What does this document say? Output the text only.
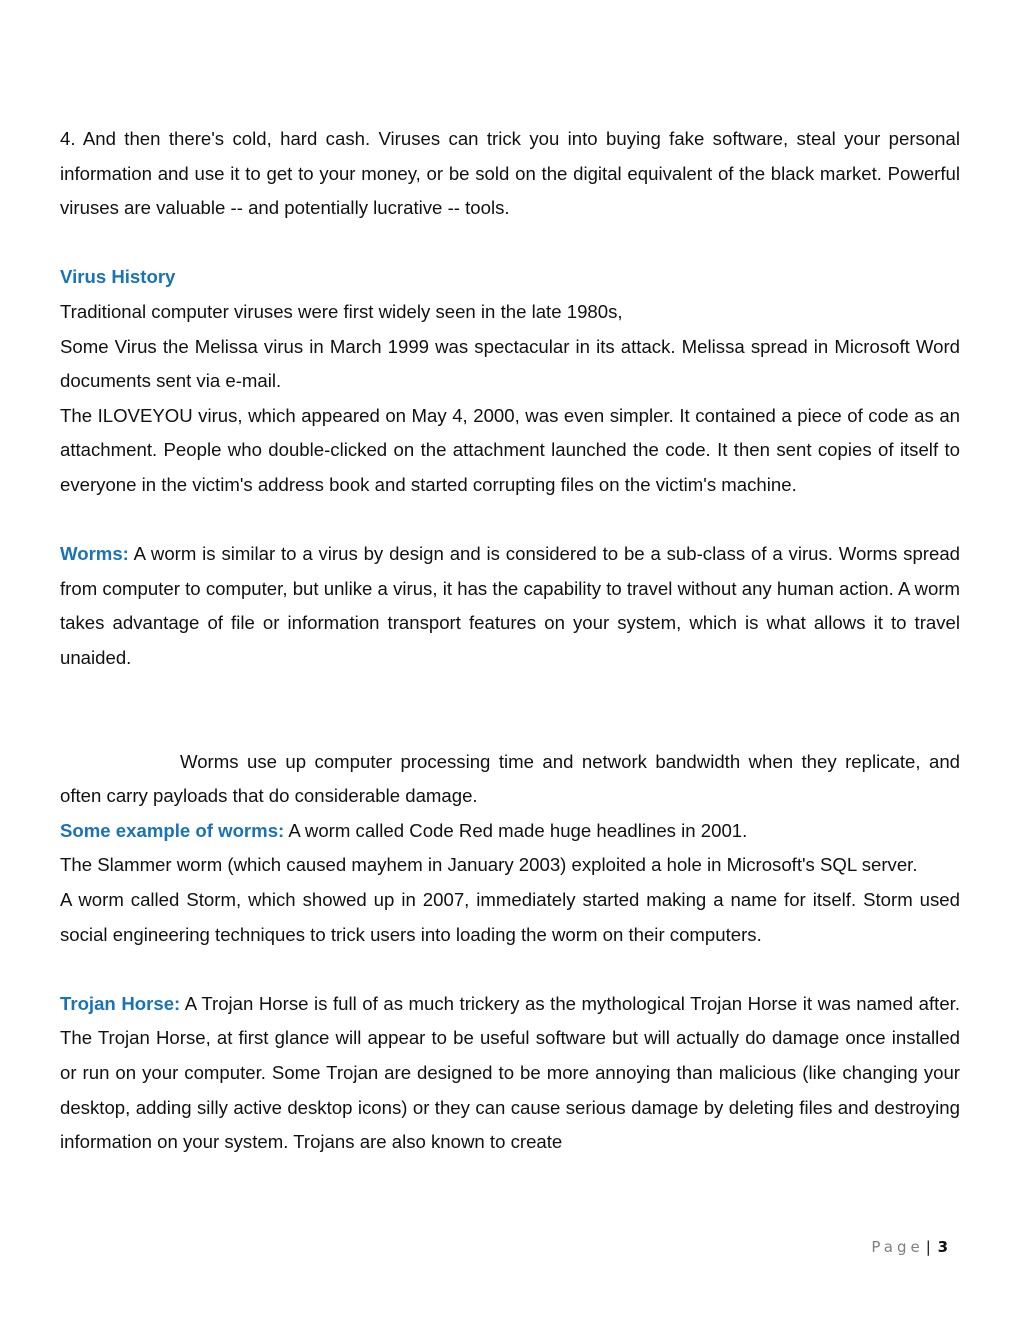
4. And then there's cold, hard cash. Viruses can trick you into buying fake software, steal your personal information and use it to get to your money, or be sold on the digital equivalent of the black market. Powerful viruses are valuable -- and potentially lucrative -- tools.

Virus History

Traditional computer viruses were first widely seen in the late 1980s,

Some Virus the Melissa virus in March 1999 was spectacular in its attack. Melissa spread in Microsoft Word documents sent via e-mail.

The ILOVEYOU virus, which appeared on May 4, 2000, was even simpler. It contained a piece of code as an attachment. People who double-clicked on the attachment launched the code. It then sent copies of itself to everyone in the victim's address book and started corrupting files on the victim's machine.

Worms: A worm is similar to a virus by design and is considered to be a sub-class of a virus. Worms spread from computer to computer, but unlike a virus, it has the capability to travel without any human action. A worm takes advantage of file or information transport features on your system, which is what allows it to travel unaided.

Worms use up computer processing time and network bandwidth when they replicate, and often carry payloads that do considerable damage.

Some example of worms: A worm called Code Red made huge headlines in 2001.

The Slammer worm (which caused mayhem in January 2003) exploited a hole in Microsoft's SQL server.

A worm called Storm, which showed up in 2007, immediately started making a name for itself. Storm used social engineering techniques to trick users into loading the worm on their computers.

Trojan Horse: A Trojan Horse is full of as much trickery as the mythological Trojan Horse it was named after. The Trojan Horse, at first glance will appear to be useful software but will actually do damage once installed or run on your computer. Some Trojan are designed to be more annoying than malicious (like changing your desktop, adding silly active desktop icons) or they can cause serious damage by deleting files and destroying information on your system. Trojans are also known to create

Page | 3
